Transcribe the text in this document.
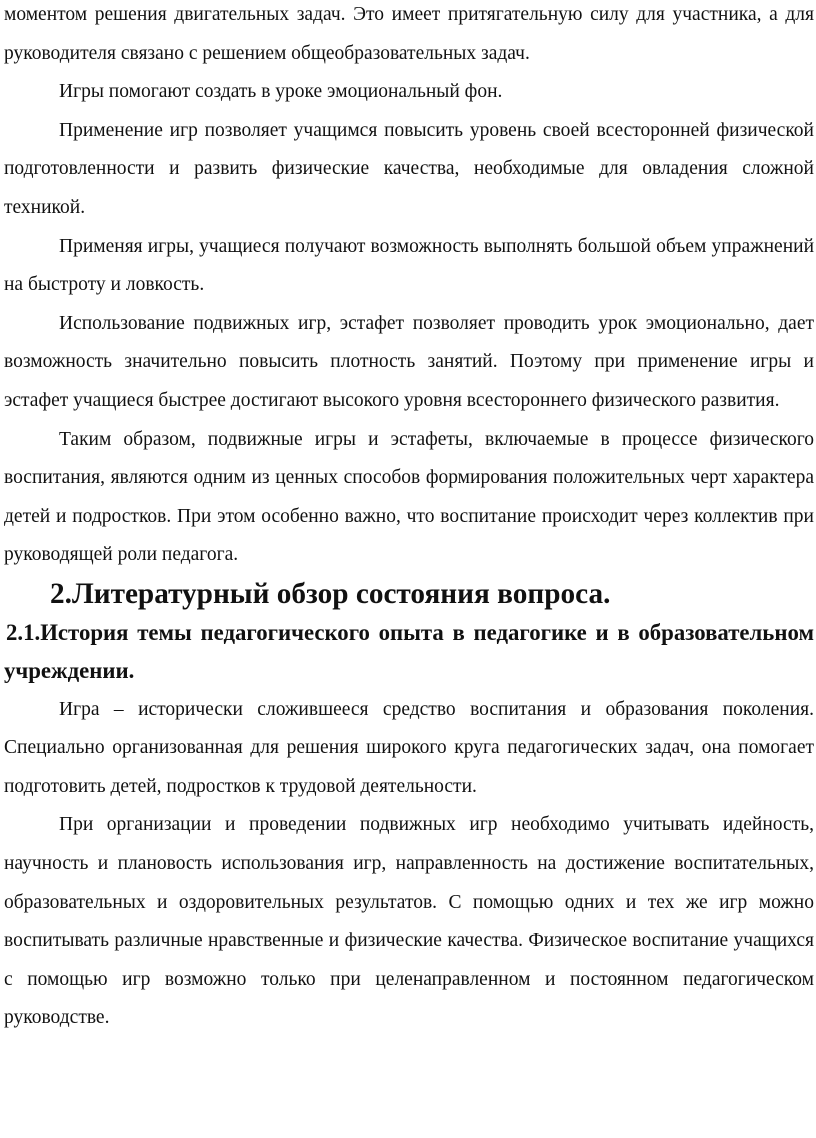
моментом решения двигательных задач. Это имеет притягательную силу для участника, а для руководителя связано с решением общеобразовательных задач.

Игры помогают создать в уроке эмоциональный фон.

Применение игр позволяет учащимся повысить уровень своей всесторонней физической подготовленности и развить физические качества, необходимые для овладения сложной техникой.

Применяя игры, учащиеся получают возможность выполнять большой объем упражнений на быстроту и ловкость.

Использование подвижных игр, эстафет позволяет проводить урок эмоционально, дает возможность значительно повысить плотность занятий. Поэтому при применение игры и эстафет учащиеся быстрее достигают высокого уровня всестороннего физического развития.

Таким образом, подвижные игры и эстафеты, включаемые в процессе физического воспитания, являются одним из ценных способов формирования положительных черт характера детей и подростков. При этом особенно важно, что воспитание происходит через коллектив при руководящей роли педагога.

2.Литературный обзор состояния вопроса.
2.1.История темы педагогического опыта в педагогике и в образовательном учреждении.

Игра – исторически сложившееся средство воспитания и образования поколения. Специально организованная для решения широкого круга педагогических задач, она помогает подготовить детей, подростков к трудовой деятельности.

При организации и проведении подвижных игр необходимо учитывать идейность, научность и плановость использования игр, направленность на достижение воспитательных, образовательных и оздоровительных результатов. С помощью одних и тех же игр можно воспитывать различные нравственные и физические качества. Физическое воспитание учащихся с помощью игр возможно только при целенаправленном и постоянном педагогическом руководстве.
